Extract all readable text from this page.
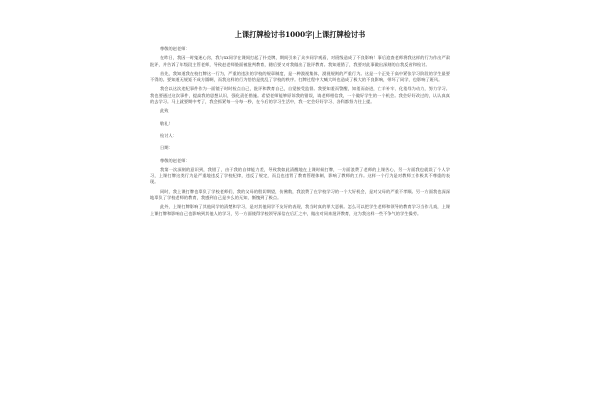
上课打牌检讨书1000字|上课打牌检讨书
尊敬的赵老师：
在昨日，我因一时鬼迷心窍，我与xx同学在课间打起了扑克牌，期间引来了众多同学观看，对班级造成了不良影响！事后追查老师将我这样的行为作出严肃批评，并告诉了年级段主管老师，导致赵老师脸面被批判教育，随后要又对我做出了批评教育。我知道错了，我要对此事做出深刻的自我反省和检讨。
首先，我知道我在校打牌这一行为，严重的违法的学校的规章制度，是一种漠视集体，漠视规则的严重行为。这是一个正处于高中紧张学习阶段的学生最要不得的。要知道无规矩不成方圆啊，而我这样的行为恰恰是扰乱了学校的秩序。打牌过程中大喊大叫也造成了极大的不良影响，带坏了同学，也影响了班风。
我会以这次违纪事件作为一面镜子时时检点自己，批评和教育自己，自觉接受监督。我要知羞而警醒，知羞而奋进，亡羊补牢、化羞辱为动力，努力学习。我也要通过这次事件，提高我的思想认识，强化责任措施。希望老师能够原谅我的错误，请老师相信我，一个做好学生的一个机会。我会好好改过的，认认真真的去学习。马上就要期中考了，我会抓紧每一分每一秒，在今后的学习生活中，我一定会好好学习、各科都努力往上提。
此致
敬礼！
检讨人：
日期：
尊敬的赵老师：
我第一次深刻的意识到，我错了，由于我的自律能力差，导致我如此清醒地在上课时候打牌，一方面浪费了老师的上课苦心，另一方面我也就误了个人学习，上课打牌这类行为是严重地违反了学校纪律，违反了规定，而且也违背了教育管理体制，影响了教师的工作。这样一个行为是对教师工作极其不尊重的表现。
同时，我上课打牌也辜负了学校老师们，我的父母的殷切期望，仿佛数，我浪费了在学校学习的一个大好机会，是对父母的严重不孝顺。另一方面我也深深地辜负了学校老师的教育，我感到自己是多么的无知，惭愧到了极点。
此外，上课打牌影响了其他同学的清楚和学习，是对其他同学不友好的表现，我当时真的罪大恶极。怎么可以把学生老师和领导的教育学习当作儿戏，上课上课打牌和影响自己也影响到其他人的学习，另一方面使得学校领导深信在后汇之中，做出对同来批评教育，这为我这样一些不争气的学生操劳。
